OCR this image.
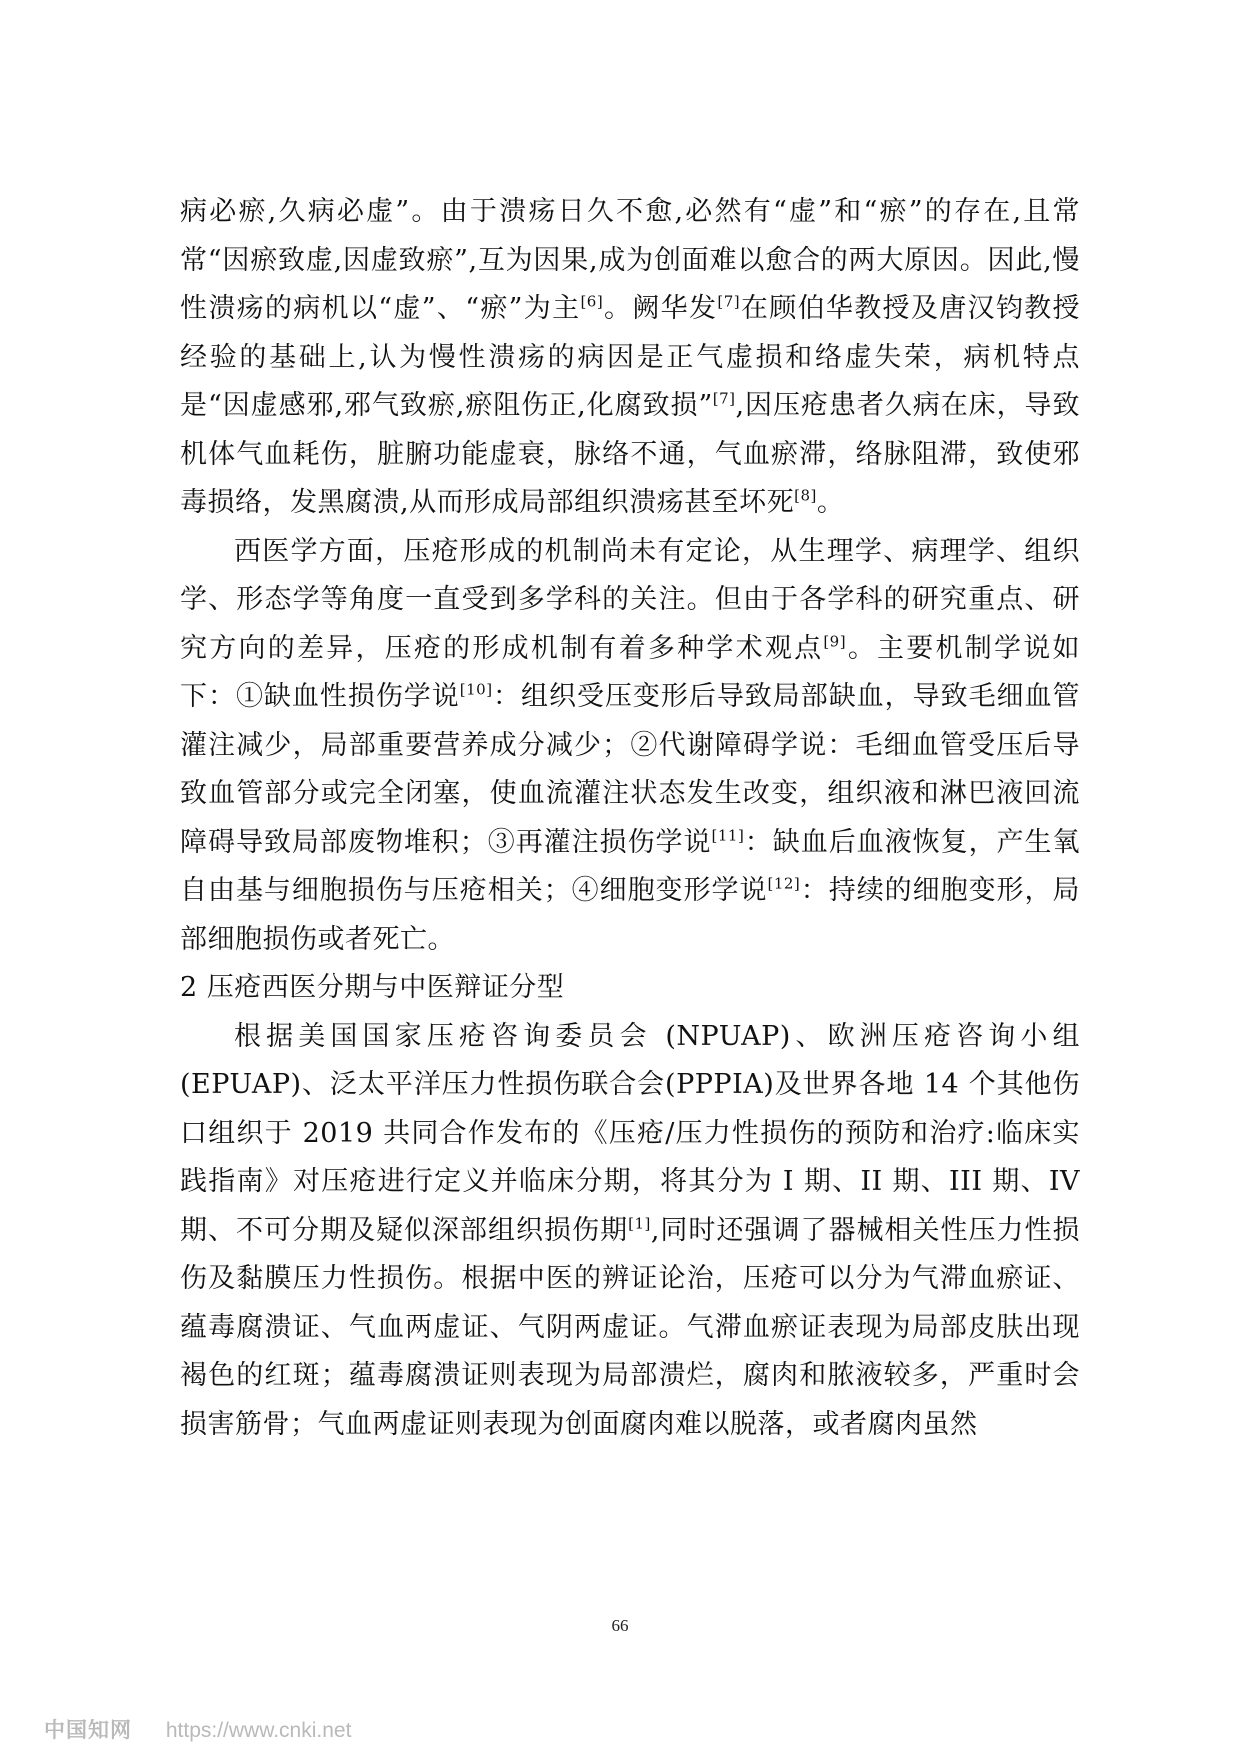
病必瘀,久病必虚”。由于溃疡日久不愈,必然有“虚”和“瘀”的存在,且常常“因瘀致虚,因虚致瘀”,互为因果,成为创面难以愈合的两大原因。因此,慢性溃疡的病机以“虚”、“瘀”为主[6]。阙华发[7]在顾伯华教授及唐汉钧教授经验的基础上,认为慢性溃疡的病因是正气虚损和络虚失荣，病机特点是“因虚感邪,邪气致瘀,瘀阻伤正,化腐致损”[7],因压疮患者久病在床，导致机体气血耗伤，脏腑功能虚衰，脉络不通，气血瘀滞，络脉阻滞，致使邪毒损络，发黑腐溃,从而形成局部组织溃疡甚至坏死[8]。

西医学方面，压疮形成的机制尚未有定论，从生理学、病理学、组织学、形态学等角度一直受到多学科的关注。但由于各学科的研究重点、研究方向的差异，压疮的形成机制有着多种学术观点[9]。主要机制学说如下：①缺血性损伤学说[10]：组织受压变形后导致局部缺血，导致毛细血管灌注减少，局部重要营养成分减少；②代谢障碍学说：毛细血管受压后导致血管部分或完全闭塞，使血流灌注状态发生改变，组织液和淋巴液回流障碍导致局部废物堆积；③再灌注损伤学说[11]：缺血后血液恢复，产生氧自由基与细胞损伤与压疮相关；④细胞变形学说[12]：持续的细胞变形，局部细胞损伤或者死亡。

2 压疮西医分期与中医辩证分型

根据美国国家压疮咨询委员会 (NPUAP)、欧洲压疮咨询小组(EPUAP)、泛太平洋压力性损伤联合会(PPPIA)及世界各地 14 个其他伤口组织于 2019 共同合作发布的《压疮/压力性损伤的预防和治疗:临床实践指南》对压疮进行定义并临床分期，将其分为 I 期、II 期、III 期、IV 期、不可分期及疑似深部组织损伤期[1],同时还强调了器械相关性压力性损伤及黏膜压力性损伤。根据中医的辨证论治，压疮可以分为气滞血瘀证、蕴毒腐溃证、气血两虚证、气阴两虚证。气滞血瘀证表现为局部皮肤出现褐色的红斑；蕴毒腐溃证则表现为局部溃烂，腐肉和脓液较多，严重时会损害筋骨；气血两虚证则表现为创面腐肉难以脱落，或者腐肉虽然

66
中国知网 https://www.cnki.net
